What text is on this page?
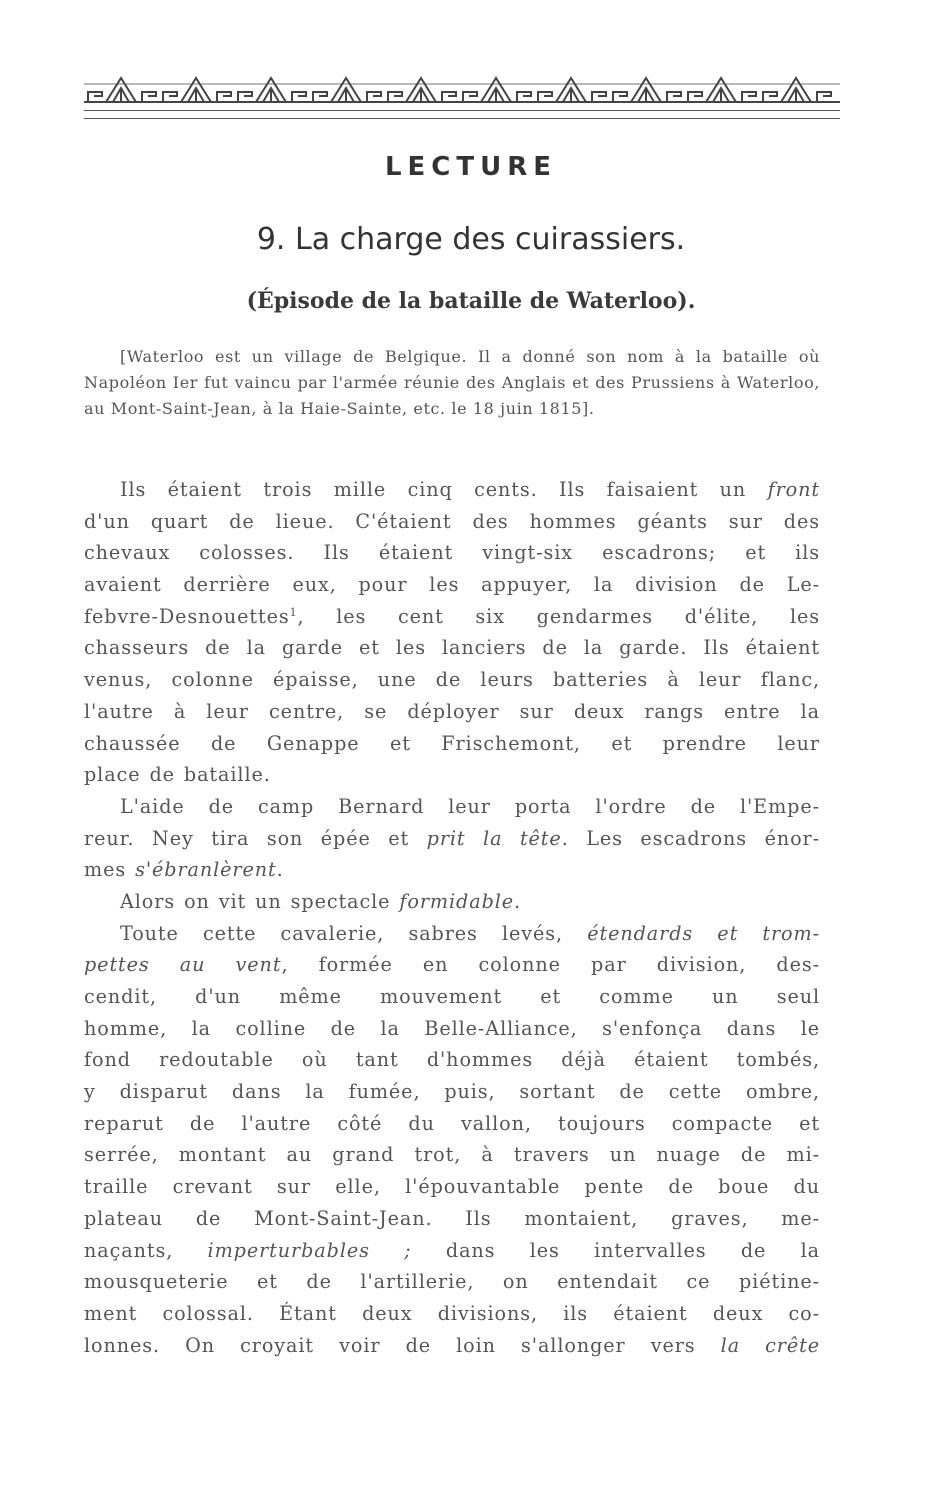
LECTURE
9. La charge des cuirassiers.
(Épisode de la bataille de Waterloo).
[Waterloo est un village de Belgique. Il a donné son nom à la bataille où Napoléon Ier fut vaincu par l'armée réunie des Anglais et des Prussiens à Waterloo, au Mont-Saint-Jean, à la Haie-Sainte, etc. le 18 juin 1815].
Ils étaient trois mille cinq cents. Ils faisaient un front
d'un quart de lieue. C'étaient des hommes géants sur des
chevaux colosses. Ils étaient vingt-six escadrons; et ils
avaient derrière eux, pour les appuyer, la division de Le-
febvre-Desnouettes$^1$, les cent six gendarmes d'élite, les
chasseurs de la garde et les lanciers de la garde. Ils étaient
venus, colonne épaisse, une de leurs batteries à leur flanc,
l'autre à leur centre, se déployer sur deux rangs entre la
chaussée de Genappe et Frischemont, et prendre leur
place de bataille.
L'aide de camp Bernard leur porta l'ordre de l'Empe-
reur. Ney tira son épée et prit la tête. Les escadrons énor-
mes s'ébranlèrent.
Alors on vit un spectacle formidable.
Toute cette cavalerie, sabres levés, étendards et trom-
pettes au vent, formée en colonne par division, des-
cendit, d'un même mouvement et comme un seul
homme, la colline de la Belle-Alliance, s'enfonça dans le
fond redoutable où tant d'hommes déjà étaient tombés,
y disparut dans la fumée, puis, sortant de cette ombre,
reparut de l'autre côté du vallon, toujours compacte et
serrée, montant au grand trot, à travers un nuage de mi-
traille crevant sur elle, l'épouvantable pente de boue du
plateau de Mont-Saint-Jean. Ils montaient, graves, me-
naçants, imperturbables ; dans les intervalles de la
mousqueterie et de l'artillerie, on entendait ce piétine-
ment colossal. Étant deux divisions, ils étaient deux co-
lonnes. On croyait voir de loin s'allonger vers la crête
